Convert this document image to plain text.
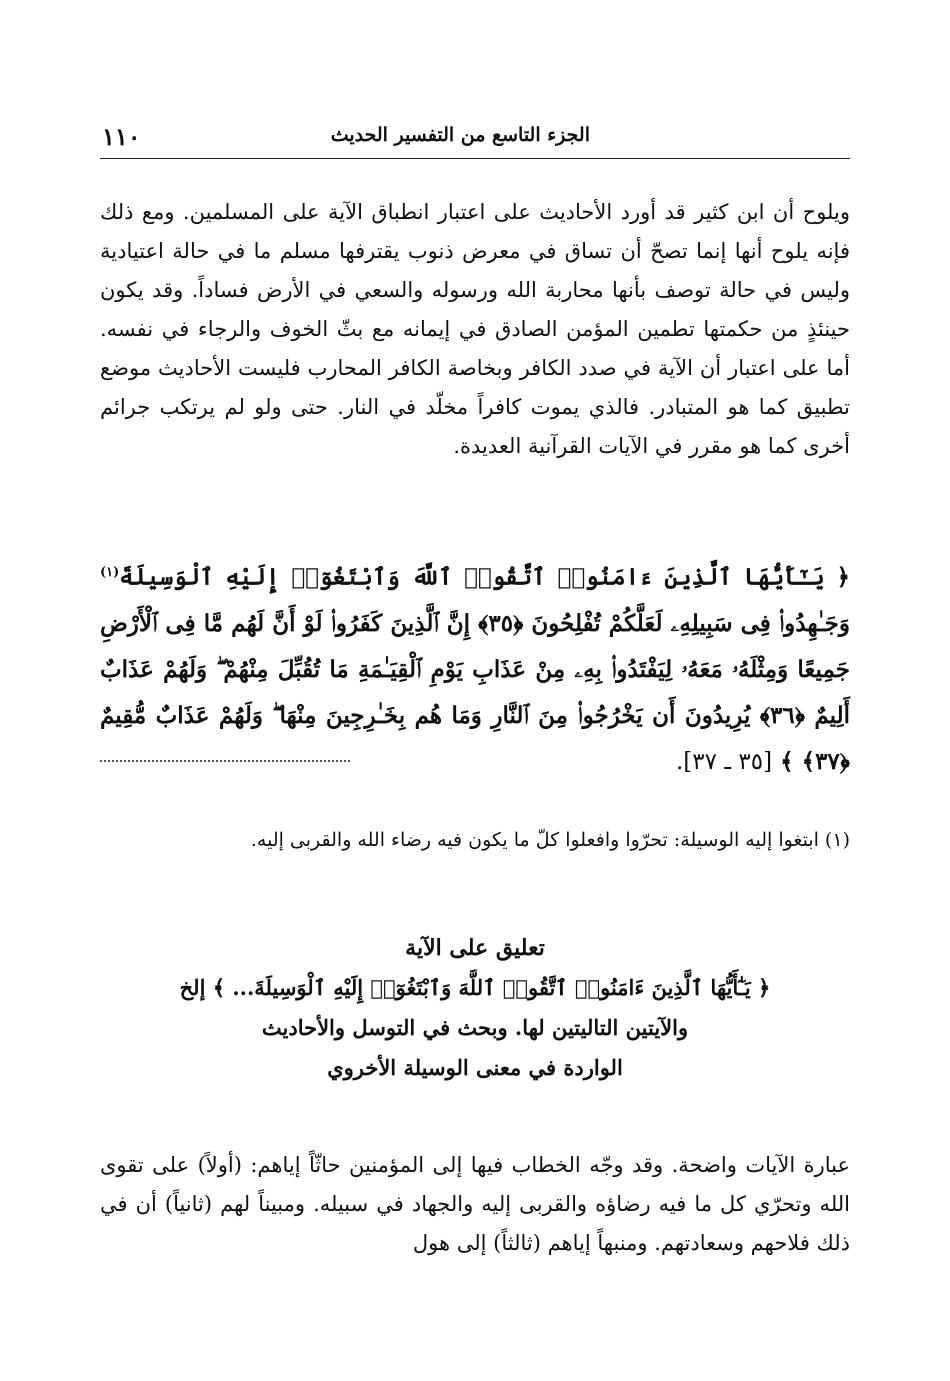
١١٠	الجزء التاسع من التفسير الحديث

ويلوح أن ابن كثير قد أورد الأحاديث على اعتبار انطباق الآية على المسلمين. ومع ذلك فإنه يلوح أنها إنما تصحّ أن تساق في معرض ذنوب يقترفها مسلم ما في حالة اعتيادية وليس في حالة توصف بأنها محاربة الله ورسوله والسعي في الأرض فساداً. وقد يكون حينئذٍ من حكمتها تطمين المؤمن الصادق في إيمانه مع بثّ الخوف والرجاء في نفسه. أما على اعتبار أن الآية في صدد الكافر وبخاصة الكافر المحارب فليست الأحاديث موضع تطبيق كما هو المتبادر. فالذي يموت كافراً مخلّد في النار. حتى ولو لم يرتكب جرائم أخرى كما هو مقرر في الآيات القرآنية العديدة.

﴿ يَـٰٓأَيُّهَا ٱلَّذِينَ ءَامَنُوا۟ ٱتَّقُوا۟ ٱللَّهَ وَٱبْتَغُوٓا۟ إِلَيْهِ ٱلْوَسِيلَةَ$^{(١)}$ وَجَـٰهِدُوا۟ فِى سَبِيلِهِۦ لَعَلَّكُمْ تُفْلِحُونَ ﴿٣٥﴾ إِنَّ ٱلَّذِينَ كَفَرُوا۟ لَوْ أَنَّ لَهُم مَّا فِى ٱلْأَرْضِ جَمِيعًا وَمِثْلَهُۥ مَعَهُۥ لِيَفْتَدُوا۟ بِهِۦ مِنْ عَذَابِ يَوْمِ ٱلْقِيَـٰمَةِ مَا تُقُبِّلَ مِنْهُمْ ۖ وَلَهُمْ عَذَابٌ أَلِيمٌ ﴿٣٦﴾ يُرِيدُونَ أَن يَخْرُجُوا۟ مِنَ ٱلنَّارِ وَمَا هُم بِخَـٰرِجِينَ مِنْهَا ۖ وَلَهُمْ عَذَابٌ مُّقِيمٌ ﴿٣٧﴾ ﴾ [٣٥ ـ ٣٧].

(١) ابتغوا إليه الوسيلة: تحرّوا وافعلوا كلّ ما يكون فيه رضاء الله والقربى إليه.

تعليق على الآية
﴿ يَـٰٓأَيُّهَا ٱلَّذِينَ ءَامَنُوا۟ ٱتَّقُوا۟ ٱللَّهَ وَٱبْتَغُوٓا۟ إِلَيْهِ ٱلْوَسِيلَةَ... ﴾ إلخ
والآيتين التاليتين لها. وبحث في التوسل والأحاديث
الواردة في معنى الوسيلة الأخروي

عبارة الآيات واضحة. وقد وجّه الخطاب فيها إلى المؤمنين حاثّاً إياهم: (أولاً) على تقوى الله وتحرّي كل ما فيه رضاؤه والقربى إليه والجهاد في سبيله. ومبيناً لهم (ثانياً) أن في ذلك فلاحهم وسعادتهم. ومنبهاً إياهم (ثالثاً) إلى هول
